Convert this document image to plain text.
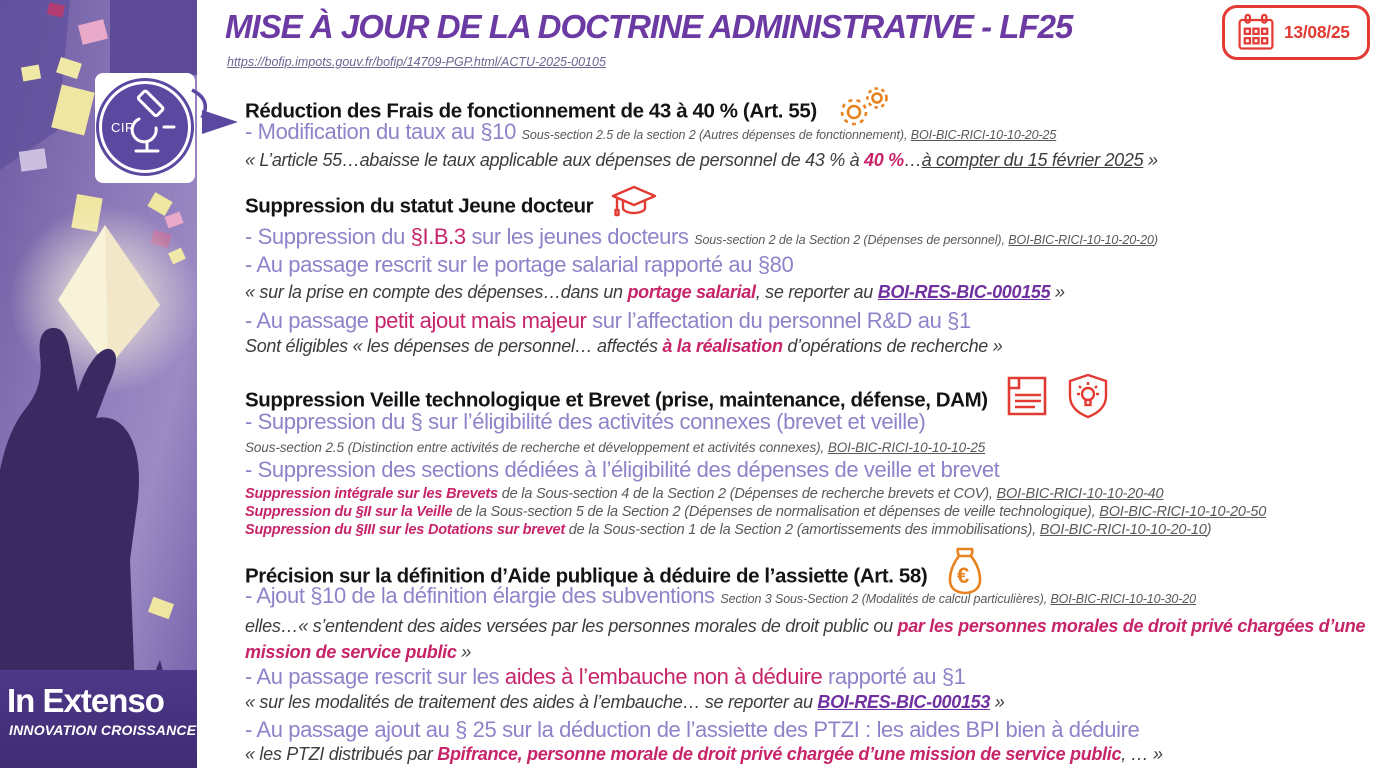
In Extenso
INNOVATION CROISSANCE
CIR
MISE À JOUR DE LA DOCTRINE ADMINISTRATIVE - LF25
https://bofip.impots.gouv.fr/bofip/14709-PGP.html/ACTU-2025-00105
13/08/25
Réduction des Frais de fonctionnement de 43 à 40 % (Art. 55)
- Modification du taux au §10 Sous-section 2.5 de la section 2 (Autres dépenses de fonctionnement), BOI-BIC-RICI-10-10-20-25
« L’article 55…abaisse le taux applicable aux dépenses de personnel de 43 % à 40 %…à compter du 15 février 2025 »
Suppression du statut Jeune docteur
- Suppression du §I.B.3 sur les jeunes docteurs Sous-section 2 de la Section 2 (Dépenses de personnel), BOI-BIC-RICI-10-10-20-20)
- Au passage rescrit sur le portage salarial rapporté au §80
« sur la prise en compte des dépenses…dans un portage salarial, se reporter au BOI-RES-BIC-000155 »
- Au passage petit ajout mais majeur sur l’affectation du personnel R&D au §1
Sont éligibles « les dépenses de personnel… affectés à la réalisation d’opérations de recherche »
Suppression Veille technologique et Brevet (prise, maintenance, défense, DAM)
- Suppression du § sur l’éligibilité des activités connexes (brevet et veille)
Sous-section 2.5 (Distinction entre activités de recherche et développement et activités connexes), BOI-BIC-RICI-10-10-10-25
- Suppression des sections dédiées à l’éligibilité des dépenses de veille et brevet
Suppression intégrale sur les Brevets de la Sous-section 4 de la Section 2 (Dépenses de recherche brevets et COV), BOI-BIC-RICI-10-10-20-40
Suppression du §II sur la Veille de la Sous-section 5 de la Section 2 (Dépenses de normalisation et dépenses de veille technologique), BOI-BIC-RICI-10-10-20-50
Suppression du §III sur les Dotations sur brevet de la Sous-section 1 de la Section 2 (amortissements des immobilisations), BOI-BIC-RICI-10-10-20-10)
Précision sur la définition d’Aide publique à déduire de l’assiette (Art. 58) €
- Ajout §10 de la définition élargie des subventions Section 3 Sous-Section 2 (Modalités de calcul particulières), BOI-BIC-RICI-10-10-30-20
elles…« s’entendent des aides versées par les personnes morales de droit public ou par les personnes morales de droit privé chargées d’une mission de service public »
- Au passage rescrit sur les aides à l’embauche non à déduire rapporté au §1
« sur les modalités de traitement des aides à l’embauche… se reporter au BOI-RES-BIC-000153 »
- Au passage ajout au § 25 sur la déduction de l’assiette des PTZI : les aides BPI bien à déduire
« les PTZI distribués par Bpifrance, personne morale de droit privé chargée d’une mission de service public, … »
